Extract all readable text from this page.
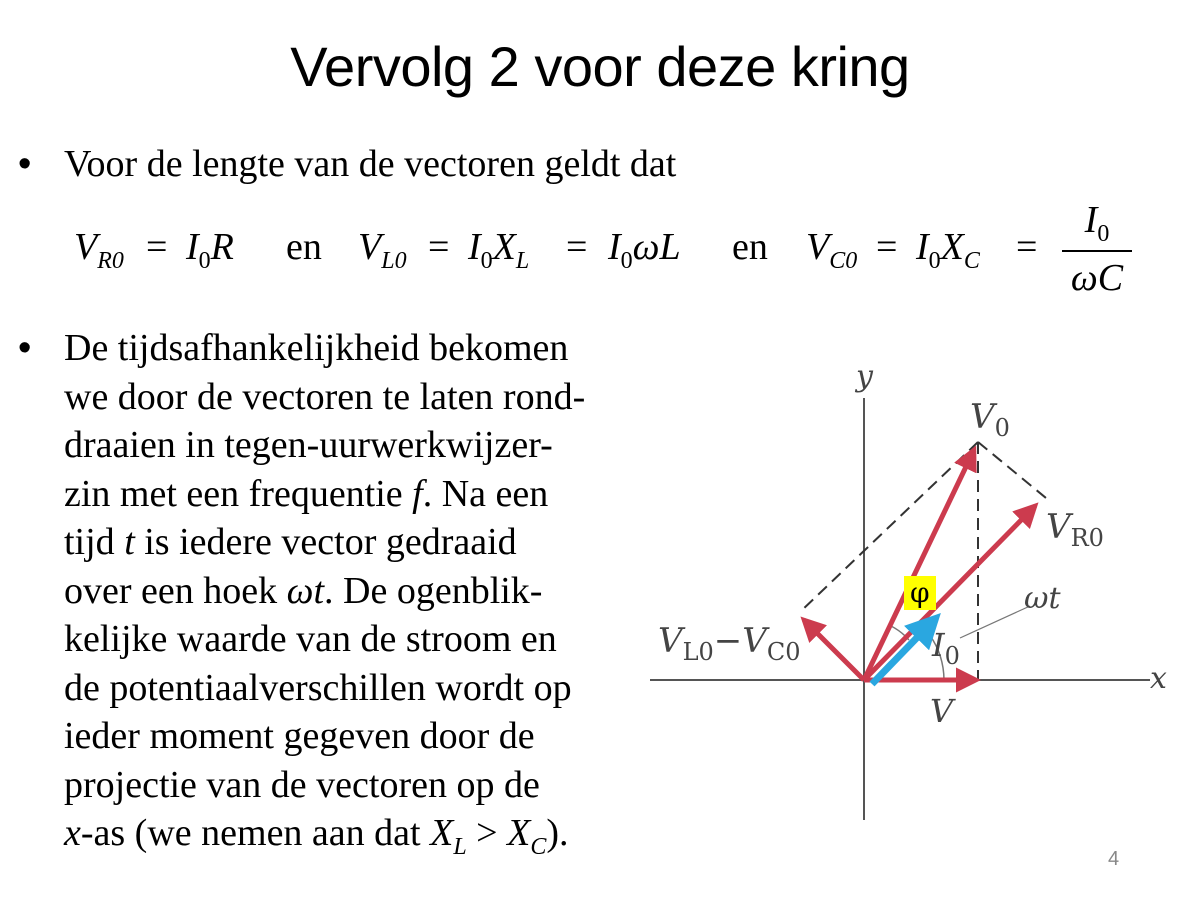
Vervolg 2 voor deze kring
• Voor de lengte van de vectoren geldt dat
$V_{R0} = I_0R$ en $V_{L0} = I_0X_L = I_0\omega L$ en $V_{C0} = I_0X_C$ =
$I_0$
ωC
• De tijdsafhankelijkheid bekomen

we door de vectoren te laten rond-

draaien in tegen-uurwerkwijzer-

zin met een frequentie f. Na een

tijd t is iedere vector gedraaid

over een hoek ωt. De ogenblik-

kelijke waarde van de stroom en

de potentiaalverschillen wordt op

ieder moment gegeven door de

projectie van de vectoren op de

x-as (we nemen aan dat $X_L > X_C$).

x
y
$V_0$
$V_{R0}$
$V_{L0}-V_{C0}$	$I_0$
V
ωt
φ
4
